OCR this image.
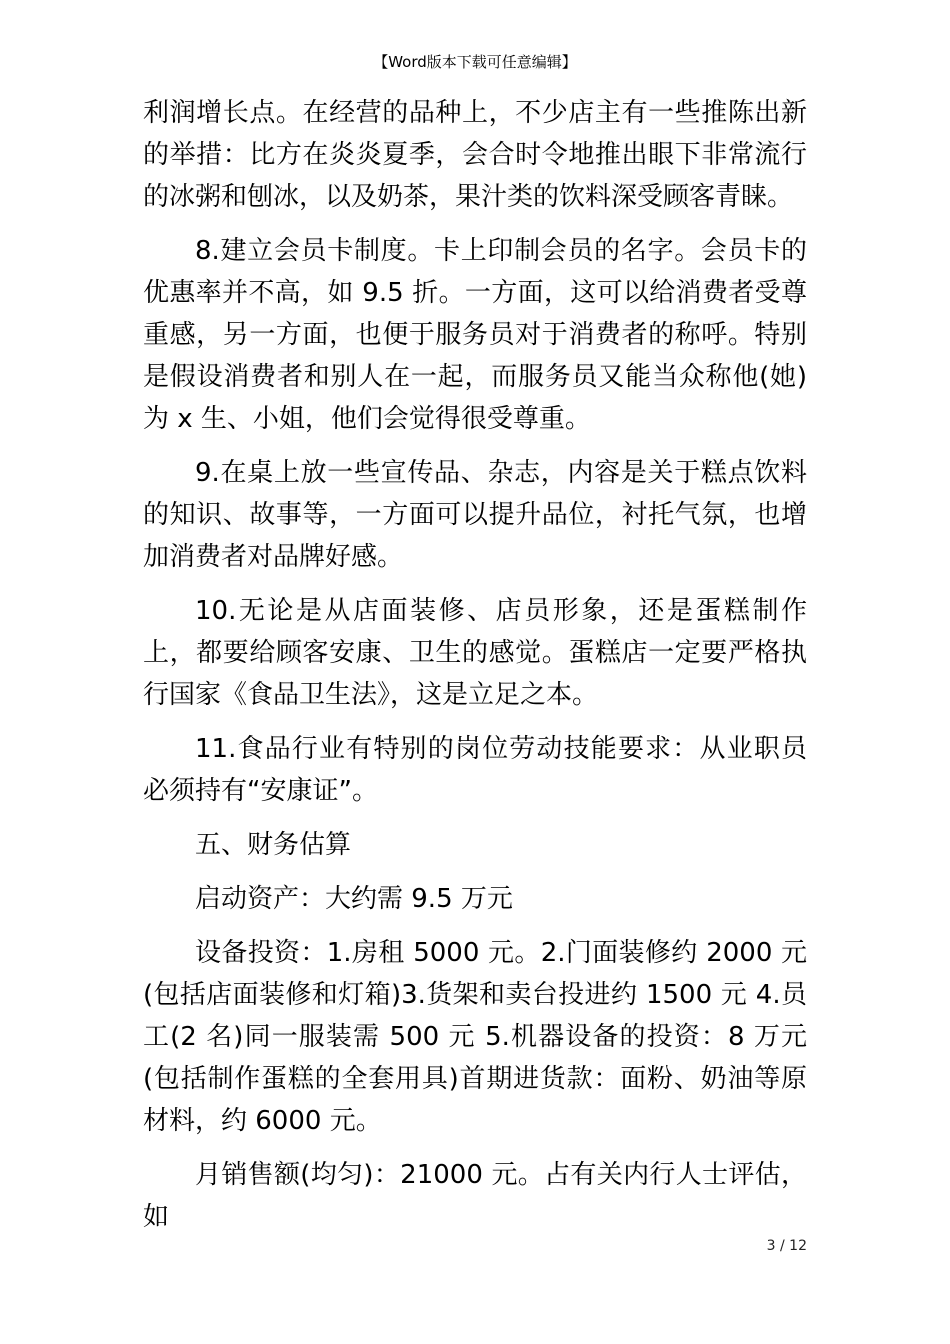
【Word版本下载可任意编辑】

利润增长点。在经营的品种上，不少店主有一些推陈出新的举措：比方在炎炎夏季，会合时令地推出眼下非常流行的冰粥和刨冰，以及奶茶，果汁类的饮料深受顾客青睐。

8.建立会员卡制度。卡上印制会员的名字。会员卡的优惠率并不高，如 9.5 折。一方面，这可以给消费者受尊重感，另一方面，也便于服务员对于消费者的称呼。特别是假设消费者和别人在一起，而服务员又能当众称他(她)为 x 生、小姐，他们会觉得很受尊重。

9.在桌上放一些宣传品、杂志，内容是关于糕点饮料的知识、故事等，一方面可以提升品位，衬托气氛，也增加消费者对品牌好感。

10.无论是从店面装修、店员形象，还是蛋糕制作上，都要给顾客安康、卫生的感觉。蛋糕店一定要严格执行国家《食品卫生法》，这是立足之本。

11.食品行业有特别的岗位劳动技能要求：从业职员必须持有“安康证”。

五、财务估算

启动资产：大约需 9.5 万元

设备投资：1.房租 5000 元。2.门面装修约 2000 元(包括店面装修和灯箱)3.货架和卖台投进约 1500 元 4.员工(2 名)同一服装需 500 元 5.机器设备的投资：8 万元(包括制作蛋糕的全套用具)首期进货款：面粉、奶油等原材料，约 6000 元。

月销售额(均匀)：21000 元。占有关内行人士评估，如

3 / 12
